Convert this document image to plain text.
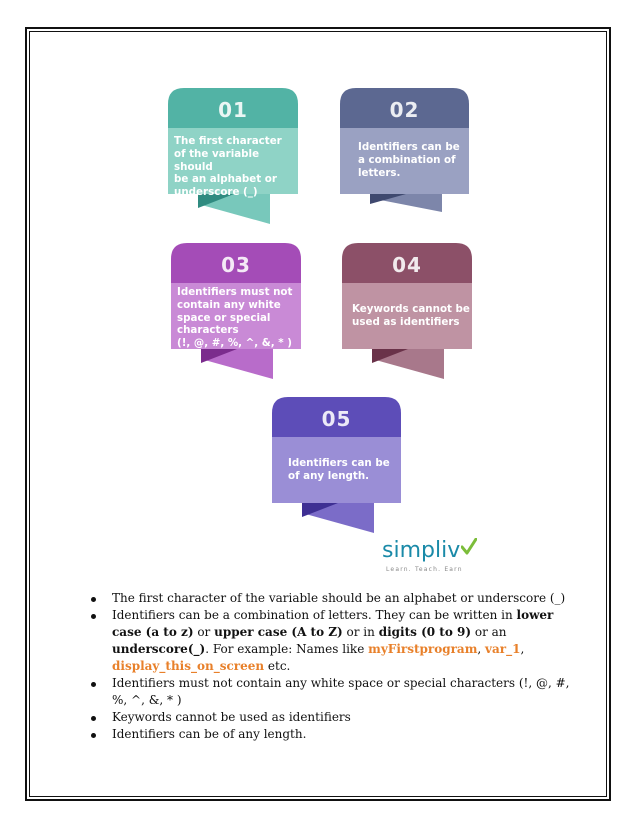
01
The first character
of the variable should
be an alphabet or
underscore (_)
02
Identifiers can be
a combination of
letters.
03
Identifiers must not
contain any white
space or special
characters
(!, @, #, %, ^, &, * )
04
Keywords cannot be
used as identifiers
05
Identifiers can be
of any length.
simpliv
Learn. Teach. Earn
The first character of the variable should be an alphabet or underscore (_)
Identifiers can be a combination of letters. They can be written in lower case (a to z) or upper case (A to Z) or in digits (0 to 9) or an underscore(_). For example: Names like myFirstprogram, var_1, display_this_on_screen etc.
Identifiers must not contain any white space or special characters (!, @, #, %, ^, &, * )
Keywords cannot be used as identifiers
Identifiers can be of any length.
